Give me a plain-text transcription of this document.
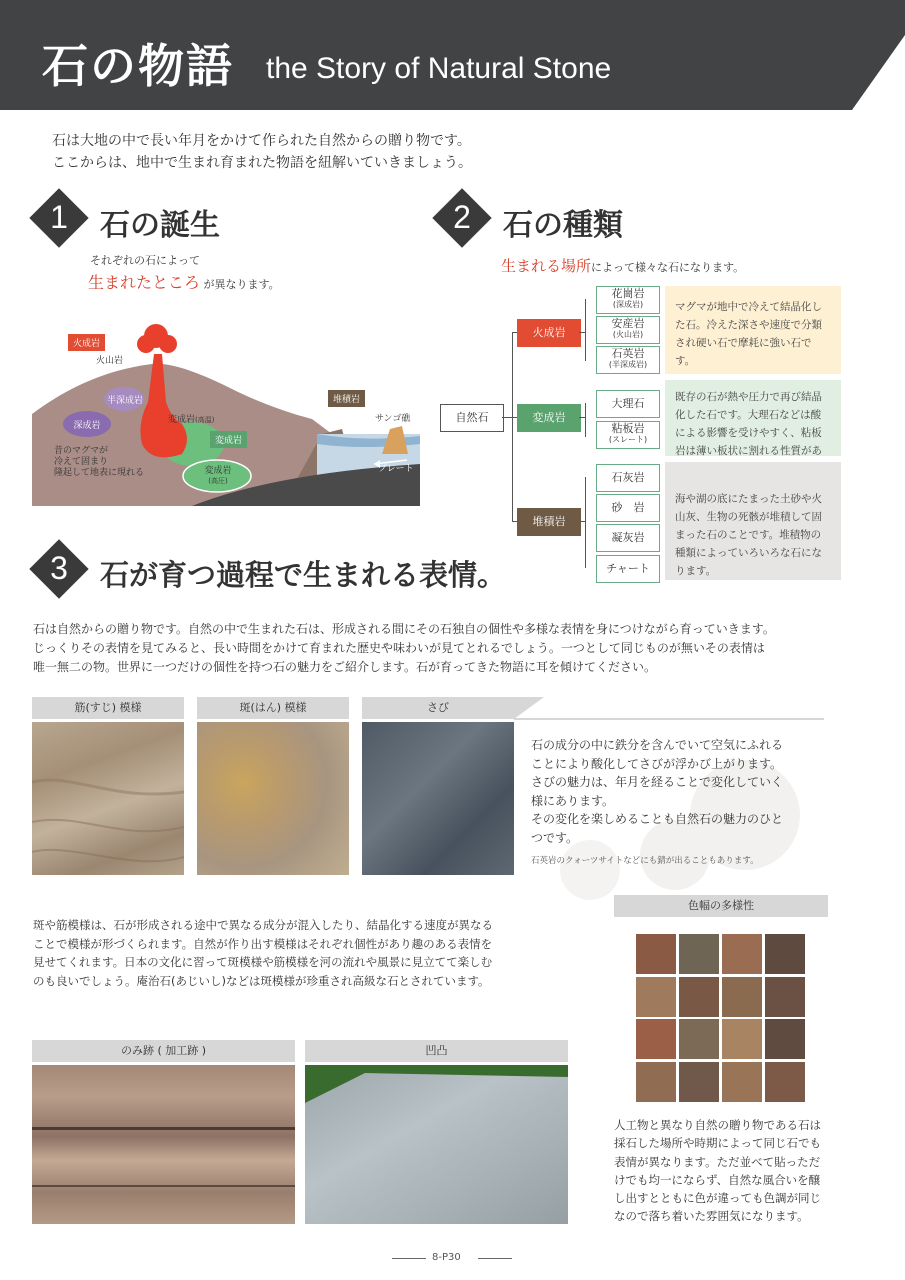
石の物語 the Story of Natural Stone
石は大地の中で長い年月をかけて作られた自然からの贈り物です。
ここからは、地中で生まれ育まれた物語を紐解いていきましょう。
1	石の誕生
それぞれの石によって
生まれたところ が異なります。
火成岩
火山岩
半深成岩
深成岩
昔のマグマが
冷えて固まり
隆起して地表に現れる
変成岩(高温)
変成岩
変成岩
(高圧)
堆積岩
サンゴ礁
プレート
2	石の種類
生まれる場所によって様々な石になります。
自然石
火成岩
変成岩
堆積岩
花崗岩
(深成岩)
安産岩
(火山岩)
石英岩
(半深成岩)
大理石
粘板岩
(スレート)
石灰岩
砂　岩
凝灰岩
チャート
マグマが地中で冷えて結晶化した石。冷えた深さや速度で分類され硬い石で摩耗に強い石です。
既存の石が熱や圧力で再び結晶化した石です。大理石などは酸による影響を受けやすく、粘板岩は薄い板状に割れる性質があ
海や湖の底にたまった土砂や火山灰、生物の死骸が堆積して固まった石のことです。堆積物の種類によっていろいろな石になります。
3	石が育つ過程で生まれる表情。
石は自然からの贈り物です。自然の中で生まれた石は、形成される間にその石独自の個性や多様な表情を身につけながら育っていきます。
じっくりその表情を見てみると、長い時間をかけて育まれた歴史や味わいが見てとれるでしょう。一つとして同じものが無いその表情は
唯一無二の物。世界に一つだけの個性を持つ石の魅力をご紹介します。石が育ってきた物語に耳を傾けてください。
筋(すじ) 模様	斑(はん) 模様	さび
石の成分の中に鉄分を含んでいて空気にふれる
ことにより酸化してさびが浮かび上がります。
さびの魅力は、年月を経ることで変化していく
様にあります。
その変化を楽しめることも自然石の魅力のひと
つです。
石英岩のクォーツサイトなどにも錆が出ることもあります。
斑や筋模様は、石が形成される途中で異なる成分が混入したり、結晶化する速度が異なる
ことで模様が形づくられます。自然が作り出す模様はそれぞれ個性があり趣のある表情を
見せてくれます。日本の文化に習って斑模様や筋模様を河の流れや風景に見立てて楽しむ
のも良いでしょう。庵治石(あじいし)などは斑模様が珍重され高級な石とされています。
色幅の多様性
人工物と異なり自然の贈り物である石は
採石した場所や時期によって同じ石でも
表情が異なります。ただ並べて貼っただ
けでも均一にならず、自然な風合いを醸
し出すとともに色が違っても色調が同じ
なので落ち着いた雰囲気になります。
のみ跡 ( 加工跡 )	凹凸
8-P30
